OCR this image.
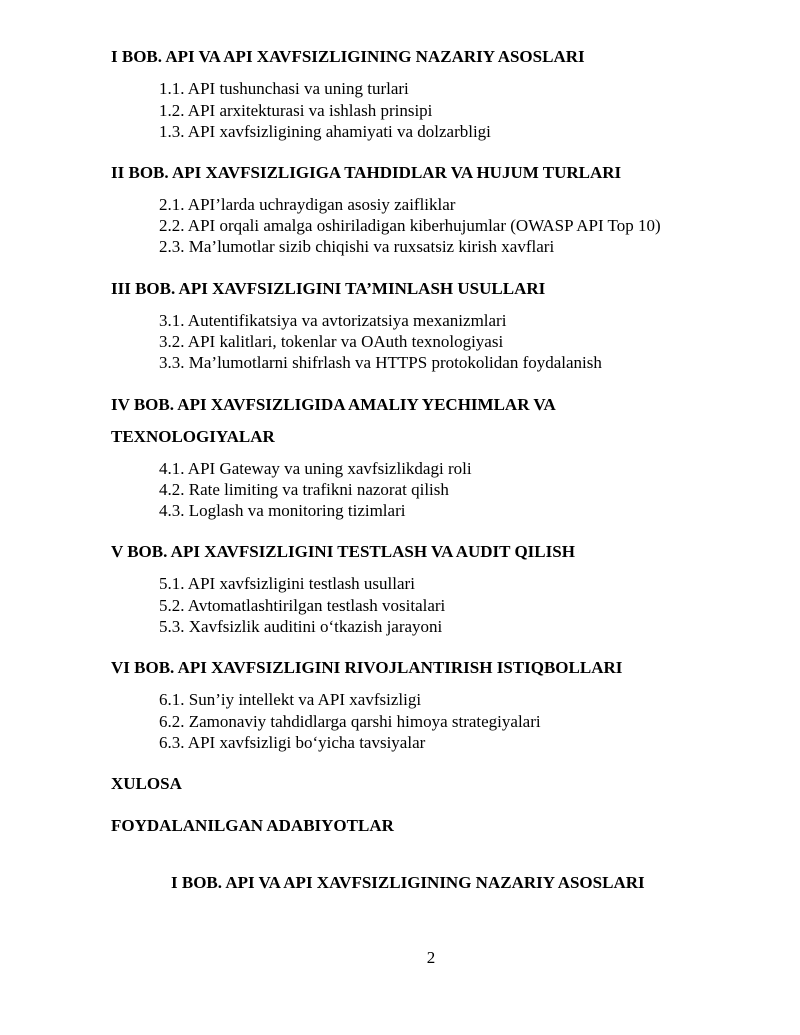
I BOB. API VA API XAVFSIZLIGINING NAZARIY ASOSLARI
1.1. API tushunchasi va uning turlari
1.2. API arxitekturasi va ishlash prinsipi
1.3. API xavfsizligining ahamiyati va dolzarbligi
II BOB. API XAVFSIZLIGIGA TAHDIDLAR VA HUJUM TURLARI
2.1. API’larda uchraydigan asosiy zaifliklar
2.2. API orqali amalga oshiriladigan kiberhujumlar (OWASP API Top 10)
2.3. Ma’lumotlar sizib chiqishi va ruxsatsiz kirish xavflari
III BOB. API XAVFSIZLIGINI TA’MINLASH USULLARI
3.1. Autentifikatsiya va avtorizatsiya mexanizmlari
3.2. API kalitlari, tokenlar va OAuth texnologiyasi
3.3. Ma’lumotlarni shifrlash va HTTPS protokolidan foydalanish
IV BOB. API XAVFSIZLIGIDA AMALIY YECHIMLAR VA
TEXNOLOGIYALAR
4.1. API Gateway va uning xavfsizlikdagi roli
4.2. Rate limiting va trafikni nazorat qilish
4.3. Loglash va monitoring tizimlari
V BOB. API XAVFSIZLIGINI TESTLASH VA AUDIT QILISH
5.1. API xavfsizligini testlash usullari
5.2. Avtomatlashtirilgan testlash vositalari
5.3. Xavfsizlik auditini o‘tkazish jarayoni
VI BOB. API XAVFSIZLIGINI RIVOJLANTIRISH ISTIQBOLLARI
6.1. Sun’iy intellekt va API xavfsizligi
6.2. Zamonaviy tahdidlarga qarshi himoya strategiyalari
6.3. API xavfsizligi bo‘yicha tavsiyalar
XULOSA
FOYDALANILGAN ADABIYOTLAR
I BOB. API VA API XAVFSIZLIGINING NAZARIY ASOSLARI
2
